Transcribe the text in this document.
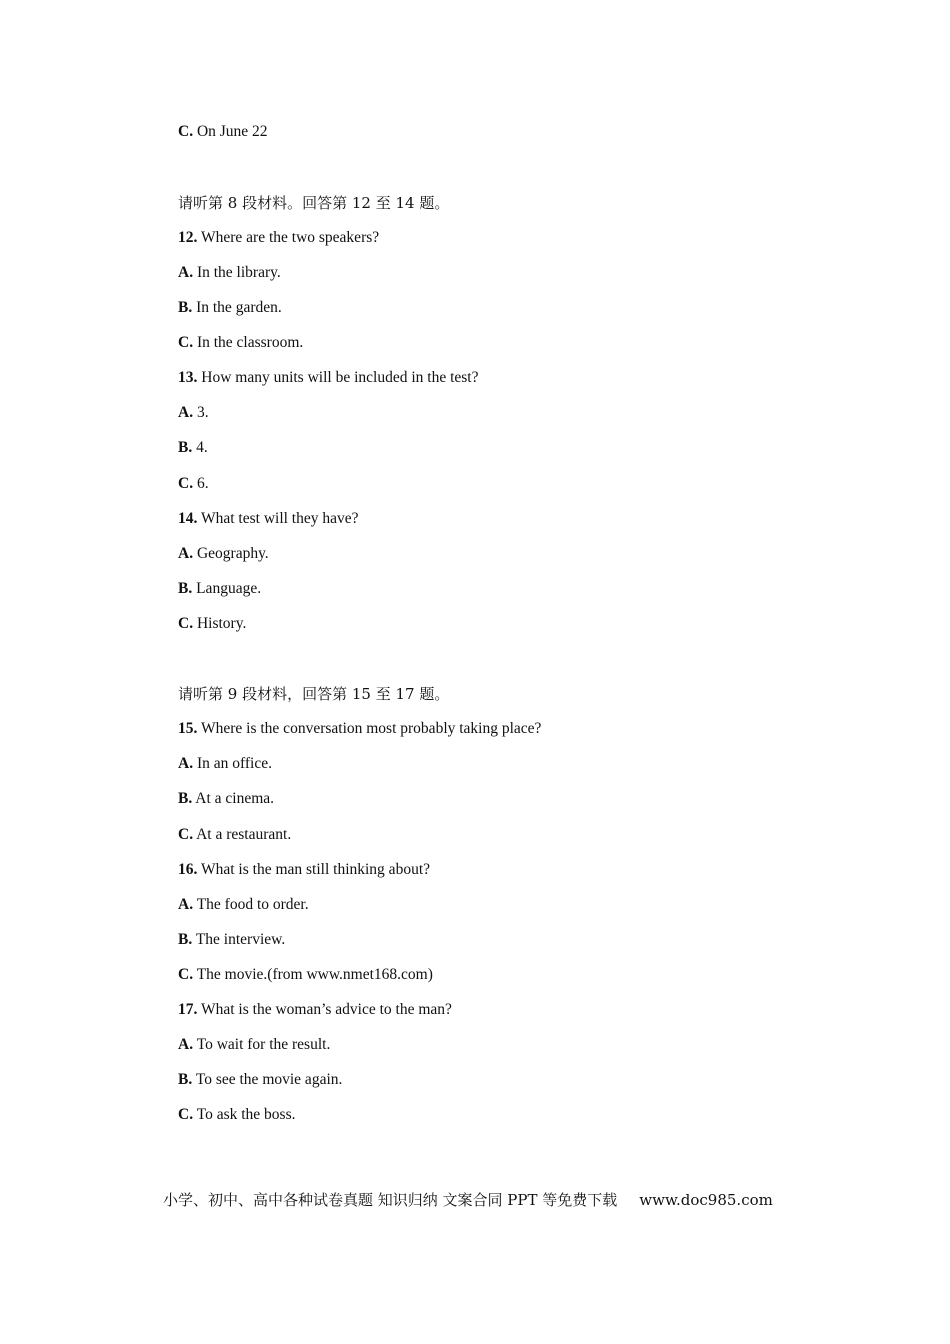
C. On June 22
请听第 8 段材料。回答第 12 至 14 题。
12. Where are the two speakers?
A. In the library.
B. In the garden.
C. In the classroom.
13. How many units will be included in the test?
A. 3.
B. 4.
C. 6.
14. What test will they have?
A. Geography.
B. Language.
C. History.
请听第 9 段材料，回答第 15 至 17 题。
15. Where is the conversation most probably taking place?
A. In an office.
B. At a cinema.
C. At a restaurant.
16. What is the man still thinking about?
A. The food to order.
B. The interview.
C. The movie.(from www.nmet168.com)
17. What is the woman’s advice to the man?
A. To wait for the result.
B. To see the movie again.
C. To ask the boss.
小学、初中、高中各种试卷真题 知识归纳 文案合同 PPT 等免费下载 www.doc985.com
